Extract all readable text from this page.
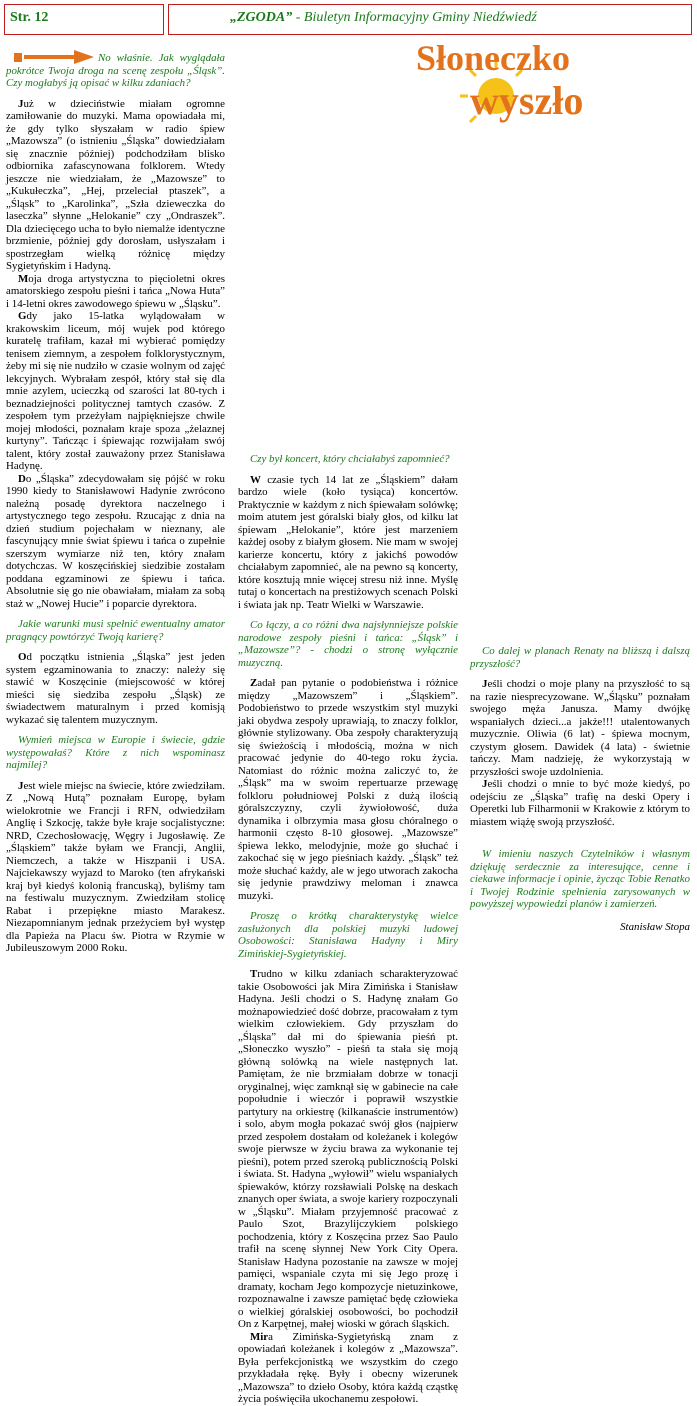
Str. 12	„ZGODA” - Biuletyn Informacyjny Gminy Niedźwiedź
Słoneczko
wyszło

No właśnie. Jak wyglądała pokrótce Twoja droga na scenę zespołu „Śląsk”. Czy mogłabyś ją opisać w kilku zdaniach?

Już w dzieciństwie miałam ogromne zamiłowanie do muzyki. Mama opowiadała mi, że gdy tylko słyszałam w radio śpiew „Mazowsza” (o istnieniu „Śląska” dowiedziałam się znacznie później) podchodziłam blisko odbiornika zafascynowana folklorem. Wtedy jeszcze nie wiedziałam, że „Mazowsze” to „Kukułeczka”, „Hej, przeleciał ptaszek”, a „Śląsk” to „Karolinka”, „Szła dzieweczka do laseczka” słynne „Helokanie” czy „Ondraszek”. Dla dziecięcego ucha to było niemalże identyczne brzmienie, później gdy dorosłam, usłyszałam i spostrzegłam wielką różnicę między Sygietyńskim i Hadyną.

Moja droga artystyczna to pięcioletni okres amatorskiego zespołu pieśni i tańca „Nowa Huta” i 14-letni okres zawodowego śpiewu w „Śląsku”.

Gdy jako 15-latka wylądowałam w krakowskim liceum, mój wujek pod którego kuratelę trafiłam, kazał mi wybierać pomiędzy tenisem ziemnym, a zespołem folklorystycznym, żeby mi się nie nudziło w czasie wolnym od zajęć lekcyjnych. Wybrałam zespół, który stał się dla mnie azylem, ucieczką od szarości lat 80-tych i beznadziejności politycznej tamtych czasów. Z zespołem tym przeżyłam najpiękniejsze chwile mojej młodości, poznałam kraje spoza „żelaznej kurtyny”. Tańcząc i śpiewając rozwijałam swój talent, który został zauważony przez Stanisława Hadynę.

Do „Śląska” zdecydowałam się pójść w roku 1990 kiedy to Stanisławowi Hadynie zwrócono należną posadę dyrektora naczelnego i artystycznego tego zespołu. Rzucając z dnia na dzień studium pojechałam w nieznany, ale fascynujący mnie świat śpiewu i tańca o zupełnie szerszym wymiarze niż ten, który znałam dotychczas. W koszęcińskiej siedzibie zostałam poddana egzaminowi ze śpiewu i tańca. Absolutnie się go nie obawiałam, miałam za sobą staż w „Nowej Hucie” i poparcie dyrektora.

Jakie warunki musi spełnić ewentualny amator pragnący powtórzyć Twoją karierę?

Od początku istnienia „Śląska” jest jeden system egzaminowania to znaczy: należy się stawić w Koszęcinie (miejscowość w której mieści się siedziba zespołu „Śląsk) ze świadectwem maturalnym i przed komisją wykazać się talentem muzycznym.

Wymień miejsca w Europie i świecie, gdzie występowałaś? Które z nich wspominasz najmilej?

Jest wiele miejsc na świecie, które zwiedziłam. Z „Nową Hutą” poznałam Europę, byłam wielokrotnie we Francji i RFN, odwiedziłam Anglię i Szkocję, także byłe kraje socjalistyczne: NRD, Czechosłowację, Węgry i Jugosławię. Ze „Śląskiem” także byłam we Francji, Anglii, Niemczech, a także w Hiszpanii i USA. Najciekawszy wyjazd to Maroko (ten afrykański kraj był kiedyś kolonią francuską), byliśmy tam na festiwalu muzycznym. Zwiedziłam stolicę Rabat i przepiękne miasto Marakesz. Niezapomnianym jednak przeżyciem był występ dla Papieża na Placu św. Piotra w Rzymie w Jubileuszowym 2000 Roku.

Czy był koncert, który chciałabyś zapomnieć?

W czasie tych 14 lat ze „Śląskiem” dałam bardzo wiele (koło tysiąca) koncertów. Praktycznie w każdym z nich śpiewałam solówkę; moim atutem jest góralski biały głos, od kilku lat śpiewam „Helokanie”, które jest marzeniem każdej osoby z białym głosem. Nie mam w swojej karierze koncertu, który z jakichś powodów chciałabym zapomnieć, ale na pewno są koncerty, które kosztują mnie więcej stresu niż inne. Myślę tutaj o koncertach na prestiżowych scenach Polski i świata jak np. Teatr Wielki w Warszawie.

Co łączy, a co różni dwa najsłynniejsze polskie narodowe zespoły pieśni i tańca: „Śląsk” i „Mazowsze”? - chodzi o stronę wyłącznie muzyczną.

Zadał pan pytanie o podobieństwa i różnice między „Mazowszem” i „Śląskiem”. Podobieństwo to przede wszystkim styl muzyki jaki obydwa zespoły uprawiają, to znaczy folklor, głównie stylizowany. Oba zespoły charakteryzują się świeżością i młodością, można w nich pracować jedynie do 40-tego roku życia. Natomiast do różnic można zaliczyć to, że „Śląsk” ma w swoim repertuarze przewagę folkloru południowej Polski z dużą ilością góralszczyzny, czyli żywiołowość, duża dynamika i olbrzymia masa głosu chóralnego o harmonii często 8-10 głosowej. „Mazowsze” śpiewa lekko, melodyjnie, może go słuchać i zakochać się w jego pieśniach każdy. „Śląsk” też może słuchać każdy, ale w jego utworach zakocha się jedynie prawdziwy meloman i znawca muzyki.

Proszę o krótką charakterystykę wielce zasłużonych dla polskiej muzyki ludowej Osobowości: Stanisława Hadyny i Miry Zimińskiej-Sygietyńskiej.

Trudno w kilku zdaniach scharakteryzować takie Osobowości jak Mira Zimińska i Stanisław Hadyna. Jeśli chodzi o S. Hadynę znałam Go możnapowiedzieć dość dobrze, pracowałam z tym wielkim człowiekiem. Gdy przyszłam do „Śląska” dał mi do śpiewania pieśń pt. „Słoneczko wyszło” - pieśń ta stała się moją główną solówką na wiele następnych lat. Pamiętam, że nie brzmiałam dobrze w tonacji oryginalnej, więc zamknął się w gabinecie na całe popołudnie i wieczór i poprawił wszystkie partytury na orkiestrę (kilkanaście instrumentów) i solo, abym mogła pokazać swój głos (najpierw przed zespołem dostałam od koleżanek i kolegów swoje pierwsze w życiu brawa za wykonanie tej pieśni), potem przed szeroką publicznością Polski i świata. St. Hadyna „wyłowił” wielu wspaniałych śpiewaków, którzy rozsławiali Polskę na deskach znanych oper świata, a swoje kariery rozpoczynali w „Śląsku”. Miałam przyjemność pracować z Paulo Szot, Brazylijczykiem polskiego pochodzenia, który z Koszęcina przez Sao Paulo trafił na scenę słynnej New York City Opera. Stanisław Hadyna pozostanie na zawsze w mojej pamięci, wspaniale czyta mi się Jego prozę i dramaty, kocham Jego kompozycje nietuzinkowe, rozpoznawalne i zawsze pamiętać będę człowieka o wielkiej góralskiej osobowości, bo pochodził On z Karpętnej, małej wioski w górach śląskich.

Mira Zimińska-Sygietyńską znam z opowiadań koleżanek i kolegów z „Mazowsza”. Była perfekcjonistką we wszystkim do czego przykładała rękę. Były i obecny wizerunek „Mazowsza” to dzieło Osoby, która każdą cząstkę życia poświęciła ukochanemu zespołowi.

Co dalej w planach Renaty na bliższą i dalszą przyszłość?

Jeśli chodzi o moje plany na przyszłość to są na razie niesprecyzowane. W„Śląsku” poznałam swojego męża Janusza. Mamy dwójkę wspaniałych dzieci...a jakże!!! utalentowanych muzycznie. Oliwia (6 lat) - śpiewa mocnym, czystym głosem. Dawidek (4 lata) - świetnie tańczy. Mam nadzieję, że wykorzystają w przyszłości swoje uzdolnienia.

Jeśli chodzi o mnie to być może kiedyś, po odejściu ze „Śląska” trafię na deski Opery i Operetki lub Filharmonii w Krakowie z którym to miastem wiążę swoją przyszłość.

W imieniu naszych Czytelników i własnym dziękuję serdecznie za interesujące, cenne i ciekawe informacje i opinie, życząc Tobie Renatko i Twojej Rodzinie spełnienia zarysowanych w powyższej wypowiedzi planów i zamierzeń.

Stanisław Stopa
